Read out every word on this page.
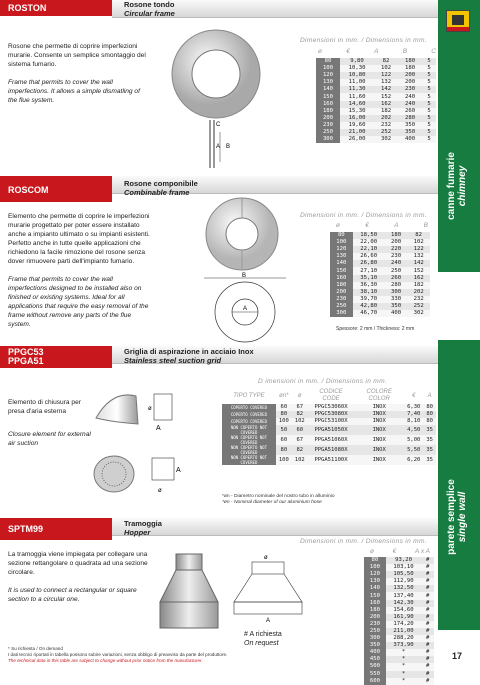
canne fumarie chimney
parete semplice single wall
17
ROSTON	Rosone tondo
Circular frame

Rosone che permette di coprire imperfezioni murarie. Consente un semplice smontaggio del sistema fumario.

Frame that permits to cover the wall imperfections. It allows a simple dismatling of the flue system.

Dimensioni in mm. / Dimensions in mm.
ø	€	A	B	C
80	9,80	82	180	5
100	10,30	102	180	5
120	10,80	122	200	5
130	11,00	132	200	5
140	11,30	142	230	5
150	11,60	152	240	5
160	14,60	162	240	5
180	15,30	182	260	5
200	16,00	202	280	5
230	19,60	232	350	5
250	21,00	252	350	5
300	26,00	302	400	5
C
A B
ROSCOM
Rosone componibile
Combinable frame

Elemento che permette di coprire le imperfezioni murarie progettato per poter essere installato anche a impianto ultimato o su impianti esistenti. Perfetto anche in tutte quelle applicazioni che richiedono la facile rimozione del rosone senza dover rimuovere parti dell'impianto fumario.

Frame that permits to cover the wall imperfections designed to be installed also on finished or existing systems. Ideal for all applications that require the easy removal of the frame without remove any parts of the flue system.

Dimensioni in mm. / Dimensions in mm.
ø	€	A	B
80	18,50	180	82
100	22,00	200	102
120	22,10	220	122
130	26,60	230	132
140	26,80	240	142
150	27,10	250	152
160	35,10	260	162
180	36,30	280	182
200	38,10	300	202
230	39,70	330	232
250	42,80	350	252
300	46,70	400	302
Spessore: 2 mm / Thickness: 2 mm
B
A
PPGC53
PPGA51
Griglia di aspirazione in acciaio Inox
Stainless steel suction grid

Elemento di chiusura per presa d'aria esterna

Closure element for external air suction

ø
A
A
ø
D imensioni in mm. / Dimensions in mm.
TIPO TYPE	øn*	ø	CODICE CODE	COLORE COLOR	€	A
COPERTO COVERED	60	67	PPGC53060X	INOX	6,30	80
COPERTO COVERED	80	82	PPGC53080X	INOX	7,40	80
COPERTO COVERED	100	102	PPGC53100X	INOX	8,10	80
NON COPERTO NOT COVERED	50	60	PPGA51050X	INOX	4,50	35
NON COPERTO NOT COVERED	60	67	PPGA51060X	INOX	5,00	35
NON COPERTO NOT COVERED	80	82	PPGA51080X	INOX	5,50	35
NON COPERTO NOT COVERED	100	102	PPGA51100X	INOX	6,20	35
*øn - Diametro nominale del nostro tubo in alluminio
*øn - Nominal diameter of our aluminium hose
SPTM99
Tramoggia
Hopper

La tramoggia viene impiegata per collegare una sezione rettangolare o quadrata ad una sezione circolare.

It is used to connect a rectangular or square section to a circular one.

ø
A
# A richiesta
On request
Dimensioni in mm. / Dimensions in mm.
ø	€	A x A
80	93,20	#
100	103,10	#
120	105,50	#
130	112,90	#
140	132,50	#
150	137,40	#
160	142,30	#
180	154,60	#
200	161,90	#
230	174,20	#
250	211,00	#
300	288,20	#
350	373,90	#
400	*	#
450	*	#
500	*	#
550	*	#
600	*	#
* Su richiesta / On demand
I dati tecnici riportati in tabella possono subire variazioni, senza obbligo di preavviso da parte del produttore.
The technical data in this table are subject to change without prior notice from the manufacturer.
